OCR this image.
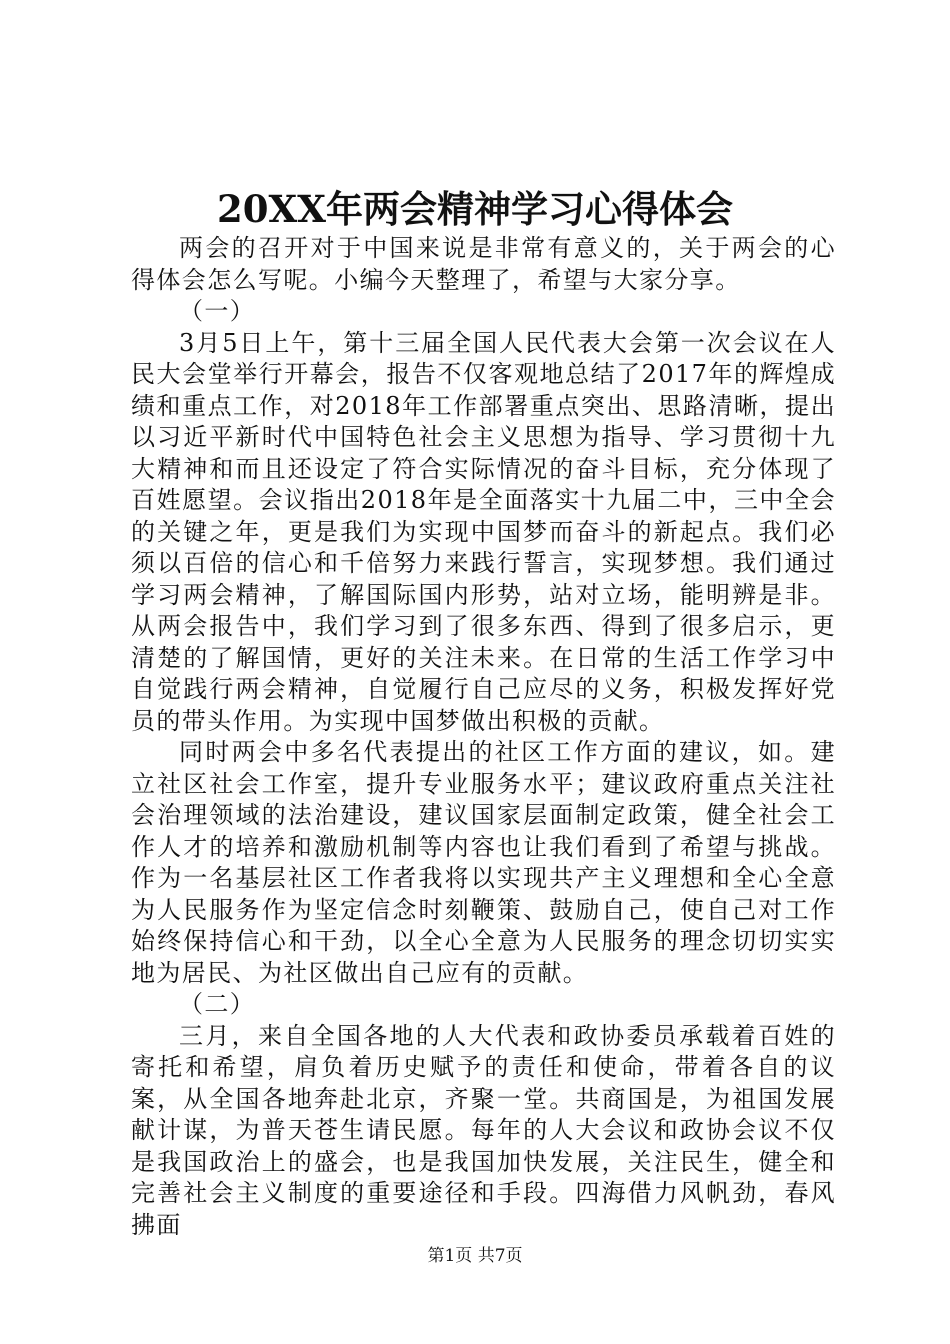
20XX年两会精神学习心得体会

两会的召开对于中国来说是非常有意义的，关于两会的心得体会怎么写呢。小编今天整理了，希望与大家分享。

（一）

3月5日上午，第十三届全国人民代表大会第一次会议在人民大会堂举行开幕会，报告不仅客观地总结了2017年的辉煌成绩和重点工作，对2018年工作部署重点突出、思路清晰，提出以习近平新时代中国特色社会主义思想为指导、学习贯彻十九大精神和而且还设定了符合实际情况的奋斗目标，充分体现了百姓愿望。会议指出2018年是全面落实十九届二中，三中全会的关键之年，更是我们为实现中国梦而奋斗的新起点。我们必须以百倍的信心和千倍努力来践行誓言，实现梦想。我们通过学习两会精神，了解国际国内形势，站对立场，能明辨是非。从两会报告中，我们学习到了很多东西、得到了很多启示，更清楚的了解国情，更好的关注未来。在日常的生活工作学习中自觉践行两会精神，自觉履行自己应尽的义务，积极发挥好党员的带头作用。为实现中国梦做出积极的贡献。

同时两会中多名代表提出的社区工作方面的建议，如。建立社区社会工作室，提升专业服务水平；建议政府重点关注社会治理领域的法治建设，建议国家层面制定政策，健全社会工作人才的培养和激励机制等内容也让我们看到了希望与挑战。作为一名基层社区工作者我将以实现共产主义理想和全心全意为人民服务作为坚定信念时刻鞭策、鼓励自己，使自己对工作始终保持信心和干劲，以全心全意为人民服务的理念切切实实地为居民、为社区做出自己应有的贡献。

（二）

三月，来自全国各地的人大代表和政协委员承载着百姓的寄托和希望，肩负着历史赋予的责任和使命，带着各自的议案，从全国各地奔赴北京，齐聚一堂。共商国是，为祖国发展献计谋，为普天苍生请民愿。每年的人大会议和政协会议不仅是我国政治上的盛会，也是我国加快发展，关注民生，健全和完善社会主义制度的重要途径和手段。四海借力风帆劲，春风拂面

第1页 共7页
